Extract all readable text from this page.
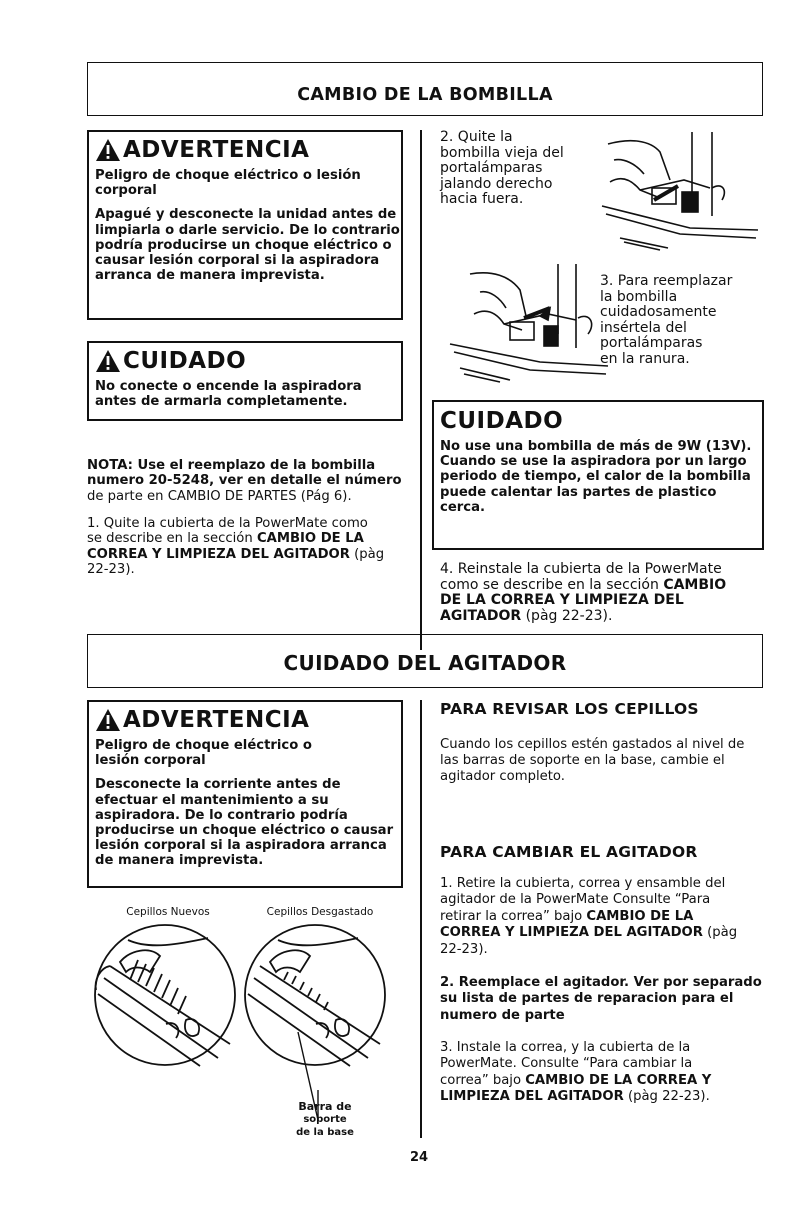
CAMBIO DE LA BOMBILLA
ADVERTENCIA
Peligro de choque eléctrico o lesión corporal
Apagué y desconecte la unidad antes de limpiarla o darle servicio. De lo contrario podría producirse un choque eléctrico o causar lesión corporal si la aspiradora arranca de manera imprevista.
CUIDADO
No conecte o encende la aspiradora antes de armarla completamente.
NOTA: Use el reemplazo de la bombilla
numero 20-5248, ver en detalle el número
de parte en CAMBIO DE PARTES (Pág 6).
1. Quite la cubierta de la PowerMate como
se describe en la sección CAMBIO DE LA
CORREA Y LIMPIEZA DEL AGITADOR (pàg
22-23).
2. Quite la
bombilla vieja del
portalámparas
jalando derecho
hacia fuera.
3. Para reemplazar
la bombilla
cuidadosamente
insértela del
portalámparas
en la ranura.
CUIDADO
No use una bombilla de más de 9W (13V). Cuando se use la aspiradora por un largo periodo de tiempo, el calor de la bombilla puede calentar las partes de plastico cerca.
4. Reinstale la cubierta de la PowerMate
como se describe en la sección CAMBIO
DE LA CORREA Y LIMPIEZA DEL
AGITADOR (pàg 22-23).
CUIDADO DEL AGITADOR
ADVERTENCIA
Peligro de choque eléctrico o lesión corporal
Desconecte la corriente antes de efectuar el mantenimiento a su aspiradora. De lo contrario podría producirse un choque eléctrico o causar lesión corporal si la aspiradora arranca de manera imprevista.
Cepillos Nuevos	Cepillos Desgastado
Barra de
soporte
de la base
PARA REVISAR LOS CEPILLOS
Cuando los cepillos estén gastados al nivel de las barras de soporte en la base, cambie el agitador completo.
PARA CAMBIAR EL AGITADOR
1. Retire la cubierta, correa y ensamble del
agitador de la PowerMate Consulte “Para
retirar la correa” bajo CAMBIO DE LA
CORREA Y LIMPIEZA DEL AGITADOR (pàg
22-23).
2. Reemplace el agitador. Ver por separado
su lista de partes de reparacion para el
numero de parte
3. Instale la correa, y la cubierta de la
PowerMate. Consulte “Para cambiar la
correa” bajo CAMBIO DE LA CORREA Y
LIMPIEZA DEL AGITADOR (pàg 22-23).
24
